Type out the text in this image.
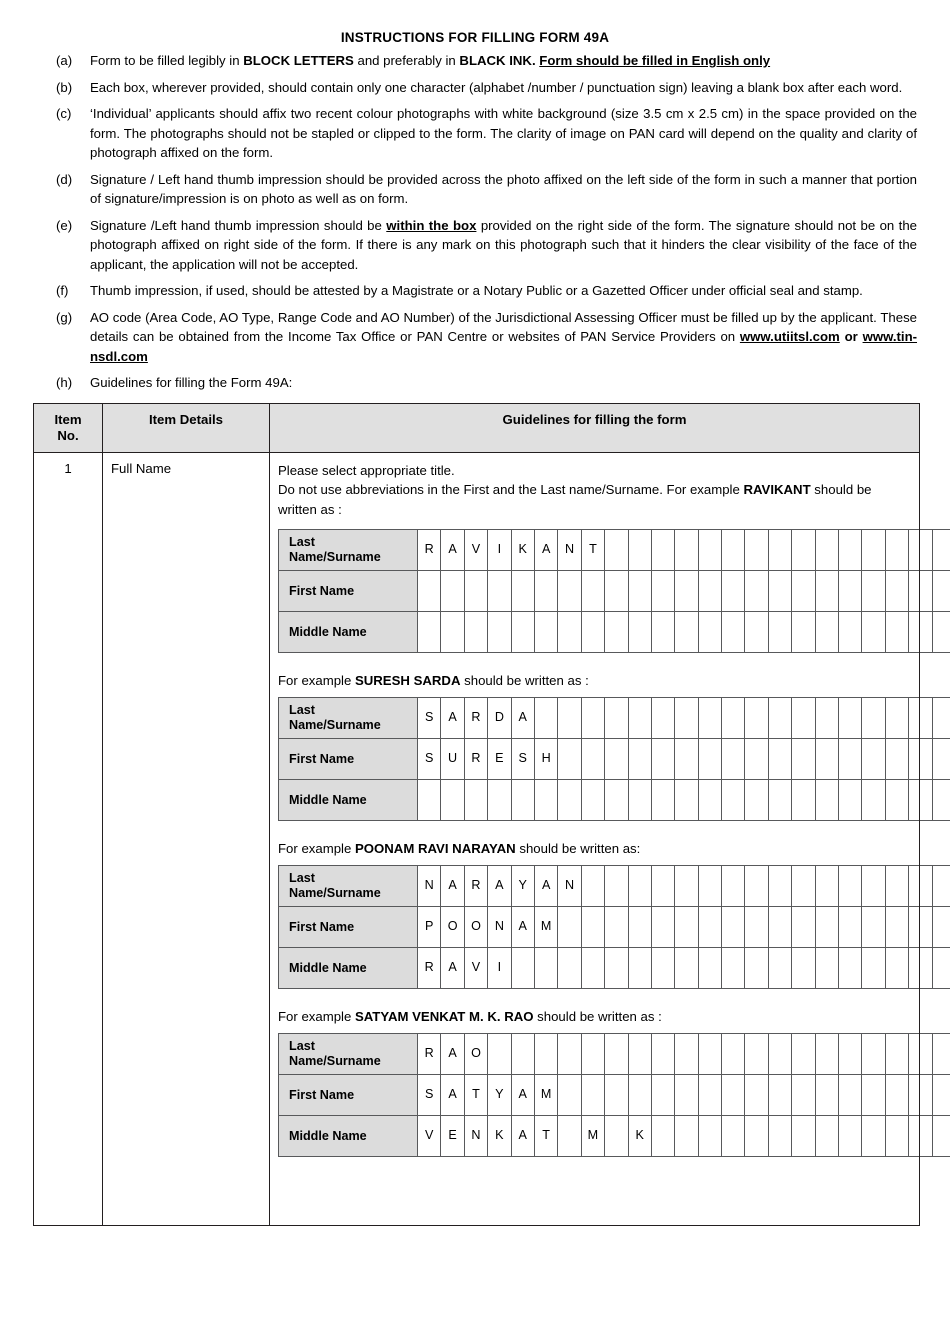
INSTRUCTIONS FOR FILLING FORM 49A
(a)	Form to be filled legibly in BLOCK LETTERS and preferably in BLACK INK. Form should be filled in English only
(b)	Each box, wherever provided, should contain only one character (alphabet /number / punctuation sign) leaving a blank box after each word.
(c)	‘Individual’ applicants should affix two recent colour photographs with white background (size 3.5 cm x 2.5 cm) in the space provided on the form. The photographs should not be stapled or clipped to the form. The clarity of image on PAN card will depend on the quality and clarity of photograph affixed on the form.
(d)	Signature / Left hand thumb impression should be provided across the photo affixed on the left side of the form in such a manner that portion of signature/impression is on photo as well as on form.
(e)	Signature /Left hand thumb impression should be within the box provided on the right side of the form. The signature should not be on the photograph affixed on right side of the form. If there is any mark on this photograph such that it hinders the clear visibility of the face of the applicant, the application will not be accepted.
(f)	Thumb impression, if used, should be attested by a Magistrate or a Notary Public or a Gazetted Officer under official seal and stamp.
(g)	AO code (Area Code, AO Type, Range Code and AO Number) of the Jurisdictional Assessing Officer must be filled up by the applicant. These details can be obtained from the Income Tax Office or PAN Centre or websites of PAN Service Providers on www.utiitsl.com or www.tin-nsdl.com
(h)	Guidelines for filling the Form 49A:
Item
No.	Item Details	Guidelines for filling the form
1	Full Name	Please select appropriate title.
Do not use abbreviations in the First and the Last name/Surname. For example RAVIKANT should be written as :
Last
Name/Surname	R	A	V	I	K	A	N	T																
First Name																								
Middle Name																								
For example SURESH SARDA should be written as :
Last
Name/Surname	S	A	R	D	A																			
First Name	S	U	R	E	S	H																		
Middle Name																								
For example POONAM RAVI NARAYAN should be written as:
Last
Name/Surname	N	A	R	A	Y	A	N																	
First Name	P	O	O	N	A	M																		
Middle Name	R	A	V	I																				
For example SATYAM VENKAT M. K. RAO should be written as :
Last
Name/Surname	R	A	O																					
First Name	S	A	T	Y	A	M																		
Middle Name	V	E	N	K	A	T		M		K														
